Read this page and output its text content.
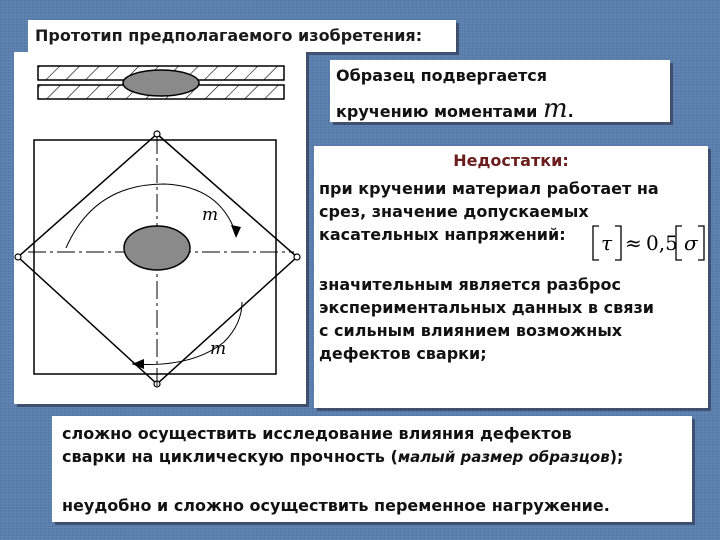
Прототип предполагаемого изобретения:
m
m
Образец подвергается
кручению моментами m.
Недостатки:
при кручении материал работает на
срез, значение допускаемых
касательных напряжений: τ ≈ 0,5 σ
значительным является разброс
экспериментальных данных в связи
с сильным влиянием возможных
дефектов сварки;
сложно осуществить исследование влияния дефектов
сварки на циклическую прочность (малый размер образцов);
неудобно и сложно осуществить переменное нагружение.
